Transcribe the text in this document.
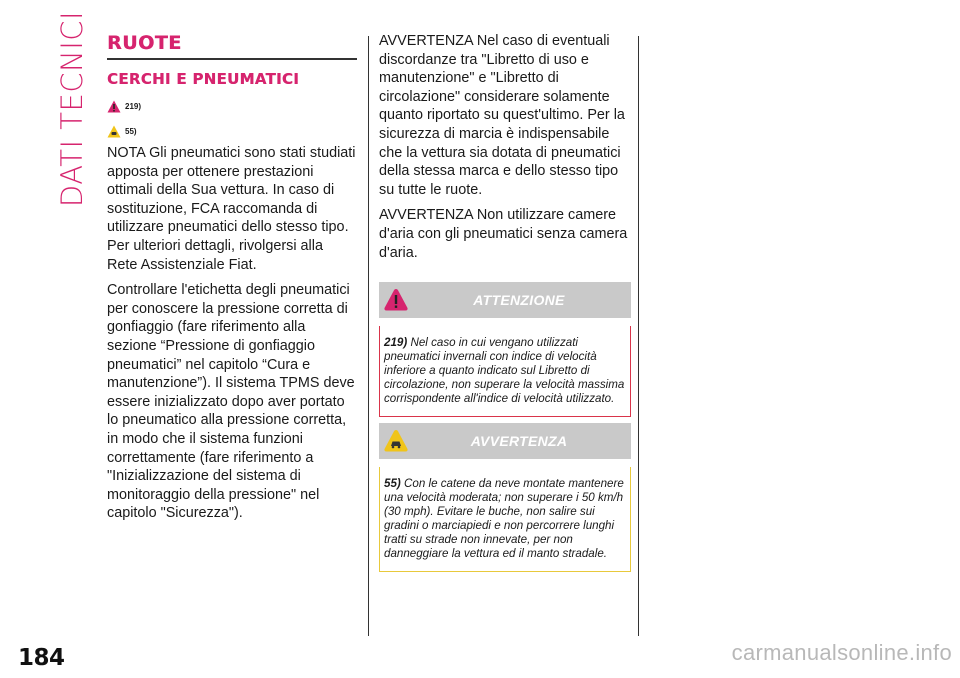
DATI TECNICI RUOTE
CERCHI E PNEUMATICI
219)
55)

NOTA Gli pneumatici sono stati studiati apposta per ottenere prestazioni ottimali della Sua vettura. In caso di sostituzione, FCA raccomanda di utilizzare pneumatici dello stesso tipo. Per ulteriori dettagli, rivolgersi alla Rete Assistenziale Fiat.

Controllare l'etichetta degli pneumatici per conoscere la pressione corretta di gonfiaggio (fare riferimento alla sezione “Pressione di gonfiaggio pneumatici” nel capitolo “Cura e manutenzione”). Il sistema TPMS deve essere inizializzato dopo aver portato lo pneumatico alla pressione corretta, in modo che il sistema funzioni correttamente (fare riferimento a "Inizializzazione del sistema di monitoraggio della pressione" nel capitolo "Sicurezza").

AVVERTENZA Nel caso di eventuali discordanze tra "Libretto di uso e manutenzione" e "Libretto di circolazione" considerare solamente quanto riportato su quest'ultimo. Per la sicurezza di marcia è indispensabile che la vettura sia dotata di pneumatici della stessa marca e dello stesso tipo su tutte le ruote.

AVVERTENZA Non utilizzare camere d'aria con gli pneumatici senza camera d'aria.

ATTENZIONE
219) Nel caso in cui vengano utilizzati pneumatici invernali con indice di velocità inferiore a quanto indicato sul Libretto di circolazione, non superare la velocità massima corrispondente all'indice di velocità utilizzato.
AVVERTENZA
55) Con le catene da neve montate mantenere una velocità moderata; non superare i 50 km/h (30 mph). Evitare le buche, non salire sui gradini o marciapiedi e non percorrere lunghi tratti su strade non innevate, per non danneggiare la vettura ed il manto stradale.
184	carmanualsonline.info
